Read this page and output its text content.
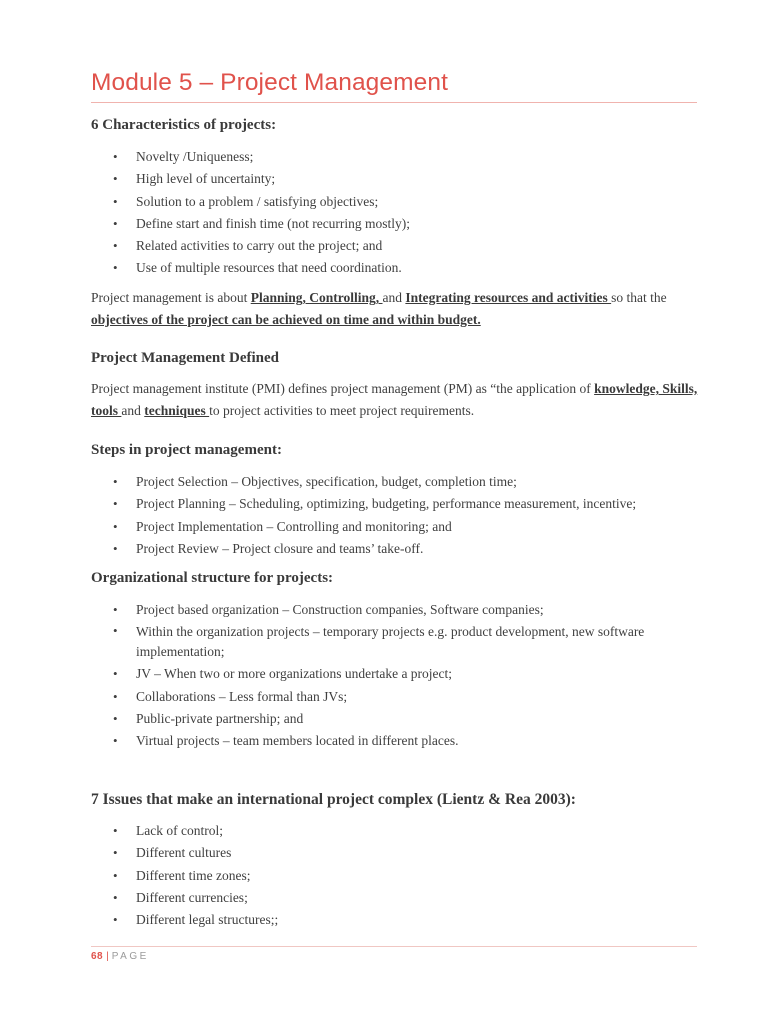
Module 5 – Project Management
6 Characteristics of projects:
• Novelty /Uniqueness;
• High level of uncertainty;
• Solution to a problem / satisfying objectives;
• Define start and finish time (not recurring mostly);
• Related activities to carry out the project; and
• Use of multiple resources that need coordination.
Project management is about Planning, Controlling, and Integrating resources and activities so that the objectives of the project can be achieved on time and within budget.
Project Management Defined
Project management institute (PMI) defines project management (PM) as “the application of knowledge, Skills, tools and techniques to project activities to meet project requirements.
Steps in project management:
• Project Selection – Objectives, specification, budget, completion time;
• Project Planning – Scheduling, optimizing, budgeting, performance measurement, incentive;
• Project Implementation – Controlling and monitoring; and
• Project Review – Project closure and teams’ take-off.
Organizational structure for projects:
• Project based organization – Construction companies, Software companies;
• Within the organization projects – temporary projects e.g. product development, new software implementation;
• JV – When two or more organizations undertake a project;
• Collaborations – Less formal than JVs;
• Public-private partnership; and
• Virtual projects – team members located in different places.
7 Issues that make an international project complex (Lientz & Rea 2003):
• Lack of control;
• Different cultures
• Different time zones;
• Different currencies;
• Different legal structures;;
68 | PAGE
